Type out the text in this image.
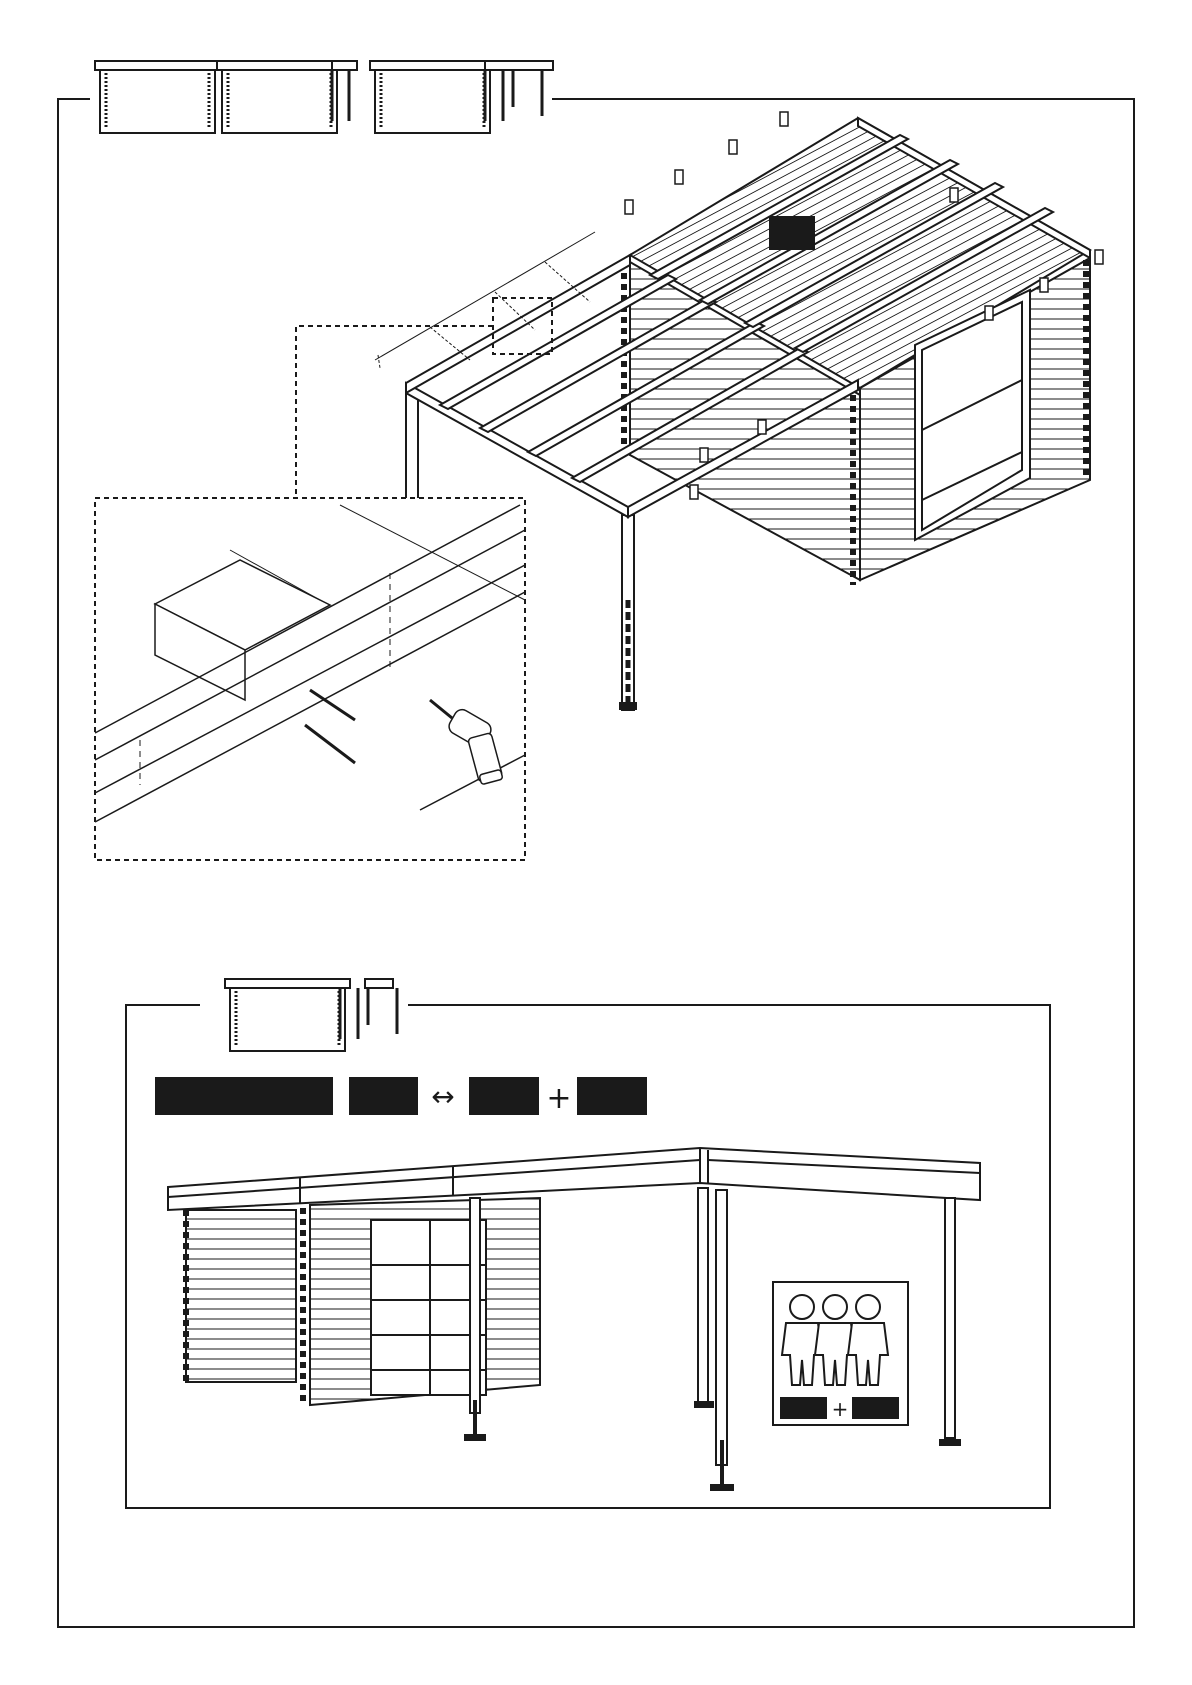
↔	+
+
